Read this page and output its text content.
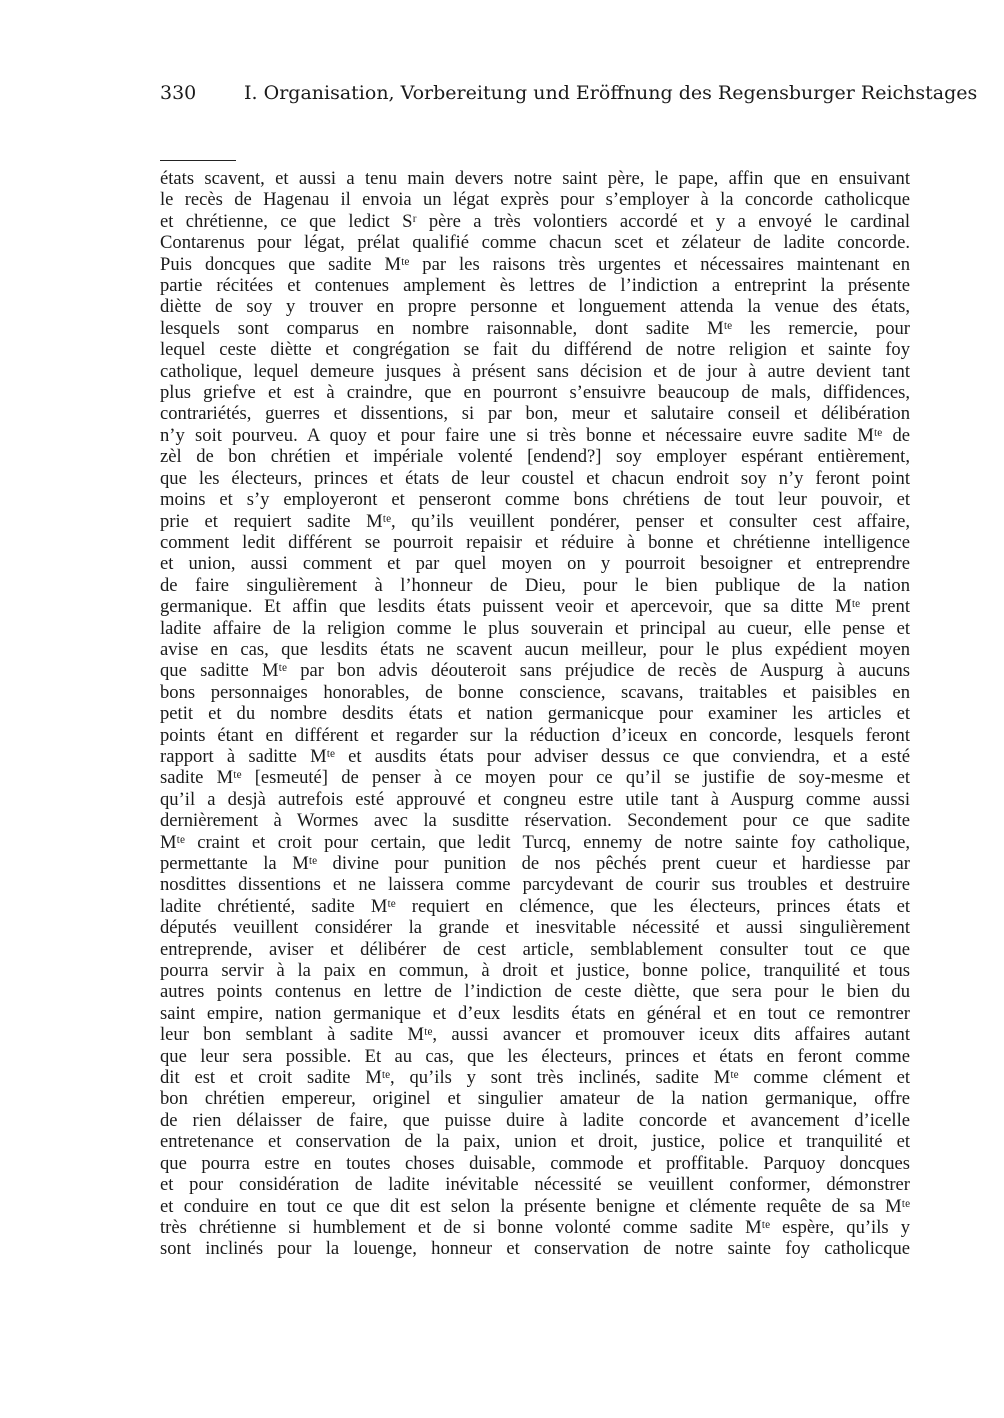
330	I. Organisation, Vorbereitung und Eröffnung des Regensburger Reichstages
états scavent, et aussi a tenu main devers notre saint père, le pape, affin que en ensuivant
le recès de Hagenau il envoia un légat exprès pour s’employer à la concorde catholicque
et chrétienne, ce que ledict Sʳ père a très volontiers accordé et y a envoyé le cardinal
Contarenus pour légat, prélat qualifié comme chacun scet et zélateur de ladite concorde.
Puis doncques que sadite Mᵗᵉ par les raisons très urgentes et nécessaires maintenant en
partie récitées et contenues amplement ès lettres de l’indiction a entreprint la présente
diètte de soy y trouver en propre personne et longuement attenda la venue des états,
lesquels sont comparus en nombre raisonnable, dont sadite Mᵗᵉ les remercie, pour
lequel ceste diètte et congrégation se fait du différend de notre religion et sainte foy
catholique, lequel demeure jusques à présent sans décision et de jour à autre devient tant
plus griefve et est à craindre, que en pourront s’ensuivre beaucoup de mals, diffidences,
contrariétés, guerres et dissentions, si par bon, meur et salutaire conseil et délibération
n’y soit pourveu. A quoy et pour faire une si très bonne et nécessaire euvre sadite Mᵗᵉ de
zèl de bon chrétien et impériale volenté [endend?] soy employer espérant entièrement,
que les électeurs, princes et états de leur coustel et chacun endroit soy n’y feront point
moins et s’y employeront et penseront comme bons chrétiens de tout leur pouvoir, et
prie et requiert sadite Mᵗᵉ, qu’ils veuillent pondérer, penser et consulter cest affaire,
comment ledit différent se pourroit repaisir et réduire à bonne et chrétienne intelligence
et union, aussi comment et par quel moyen on y pourroit besoigner et entreprendre
de faire singulièrement à l’honneur de Dieu, pour le bien publique de la nation
germanique. Et affin que lesdits états puissent veoir et apercevoir, que sa ditte Mᵗᵉ prent
ladite affaire de la religion comme le plus souverain et principal au cueur, elle pense et
avise en cas, que lesdits états ne scavent aucun meilleur, pour le plus expédient moyen
que saditte Mᵗᵉ par bon advis déouteroit sans préjudice de recès de Auspurg à aucuns
bons personnaiges honorables, de bonne conscience, scavans, traitables et paisibles en
petit et du nombre desdits états et nation germanicque pour examiner les articles et
points étant en différent et regarder sur la réduction d’iceux en concorde, lesquels feront
rapport à saditte Mᵗᵉ et ausdits états pour adviser dessus ce que conviendra, et a esté
sadite Mᵗᵉ [esmeuté] de penser à ce moyen pour ce qu’il se justifie de soy-mesme et
qu’il a desjà autrefois esté approuvé et congneu estre utile tant à Auspurg comme aussi
dernièrement à Wormes avec la susditte réservation. Secondement pour ce que sadite
Mᵗᵉ craint et croit pour certain, que ledit Turcq, ennemy de notre sainte foy catholique,
permettante la Mᵗᵉ divine pour punition de nos pêchés prent cueur et hardiesse par
nosdittes dissentions et ne laissera comme parcydevant de courir sus troubles et destruire
ladite chrétienté, sadite Mᵗᵉ requiert en clémence, que les électeurs, princes états et
députés veuillent considérer la grande et inesvitable nécessité et aussi singulièrement
entreprende, aviser et délibérer de cest article, semblablement consulter tout ce que
pourra servir à la paix en commun, à droit et justice, bonne police, tranquilité et tous
autres points contenus en lettre de l’indiction de ceste diètte, que sera pour le bien du
saint empire, nation germanique et d’eux lesdits états en général et en tout ce remontrer
leur bon semblant à sadite Mᵗᵉ, aussi avancer et promouver iceux dits affaires autant
que leur sera possible. Et au cas, que les électeurs, princes et états en feront comme
dit est et croit sadite Mᵗᵉ, qu’ils y sont très inclinés, sadite Mᵗᵉ comme clément et
bon chrétien empereur, originel et singulier amateur de la nation germanique, offre
de rien délaisser de faire, que puisse duire à ladite concorde et avancement d’icelle
entretenance et conservation de la paix, union et droit, justice, police et tranquilité et
que pourra estre en toutes choses duisable, commode et proffitable. Parquoy doncques
et pour considération de ladite inévitable nécessité se veuillent conformer, démonstrer
et conduire en tout ce que dit est selon la présente benigne et clémente requête de sa Mᵗᵉ
très chrétienne si humblement et de si bonne volonté comme sadite Mᵗᵉ espère, qu’ils y
sont inclinés pour la louenge, honneur et conservation de notre sainte foy catholicque
